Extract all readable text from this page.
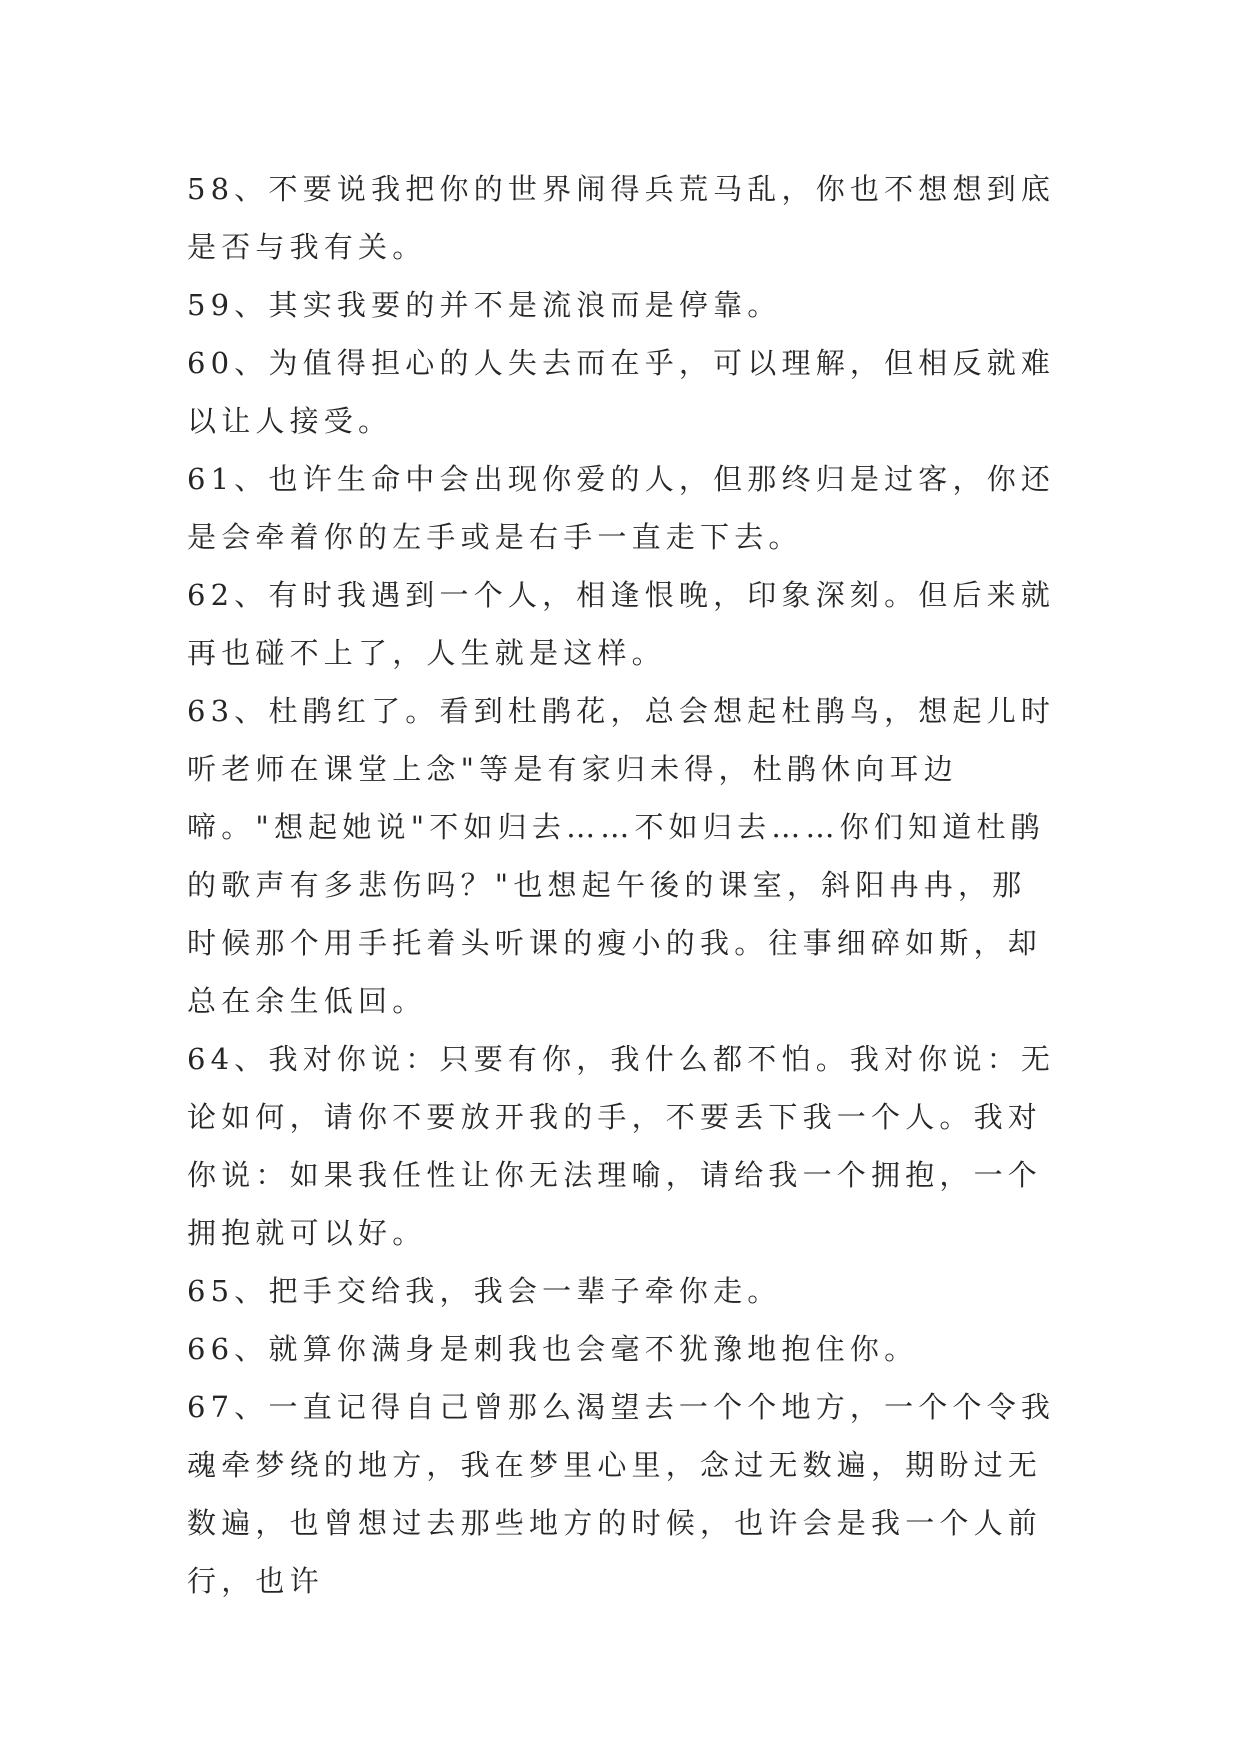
58、不要说我把你的世界闹得兵荒马乱，你也不想想到底是否与我有关。

59、其实我要的并不是流浪而是停靠。

60、为值得担心的人失去而在乎，可以理解，但相反就难以让人接受。

61、也许生命中会出现你爱的人，但那终归是过客，你还是会牵着你的左手或是右手一直走下去。

62、有时我遇到一个人，相逢恨晚，印象深刻。但后来就再也碰不上了，人生就是这样。

63、杜鹃红了。看到杜鹃花，总会想起杜鹃鸟，想起儿时听老师在课堂上念"等是有家归未得，杜鹃休向耳边啼。"想起她说"不如归去……不如归去……你们知道杜鹃的歌声有多悲伤吗？"也想起午後的课室，斜阳冉冉，那时候那个用手托着头听课的瘦小的我。往事细碎如斯，却总在余生低回。

64、我对你说：只要有你，我什么都不怕。我对你说：无论如何，请你不要放开我的手，不要丢下我一个人。我对你说：如果我任性让你无法理喻，请给我一个拥抱，一个拥抱就可以好。

65、把手交给我，我会一辈子牵你走。

66、就算你满身是刺我也会毫不犹豫地抱住你。

67、一直记得自己曾那么渴望去一个个地方，一个个令我魂牵梦绕的地方，我在梦里心里，念过无数遍，期盼过无数遍，也曾想过去那些地方的时候，也许会是我一个人前行，也许
